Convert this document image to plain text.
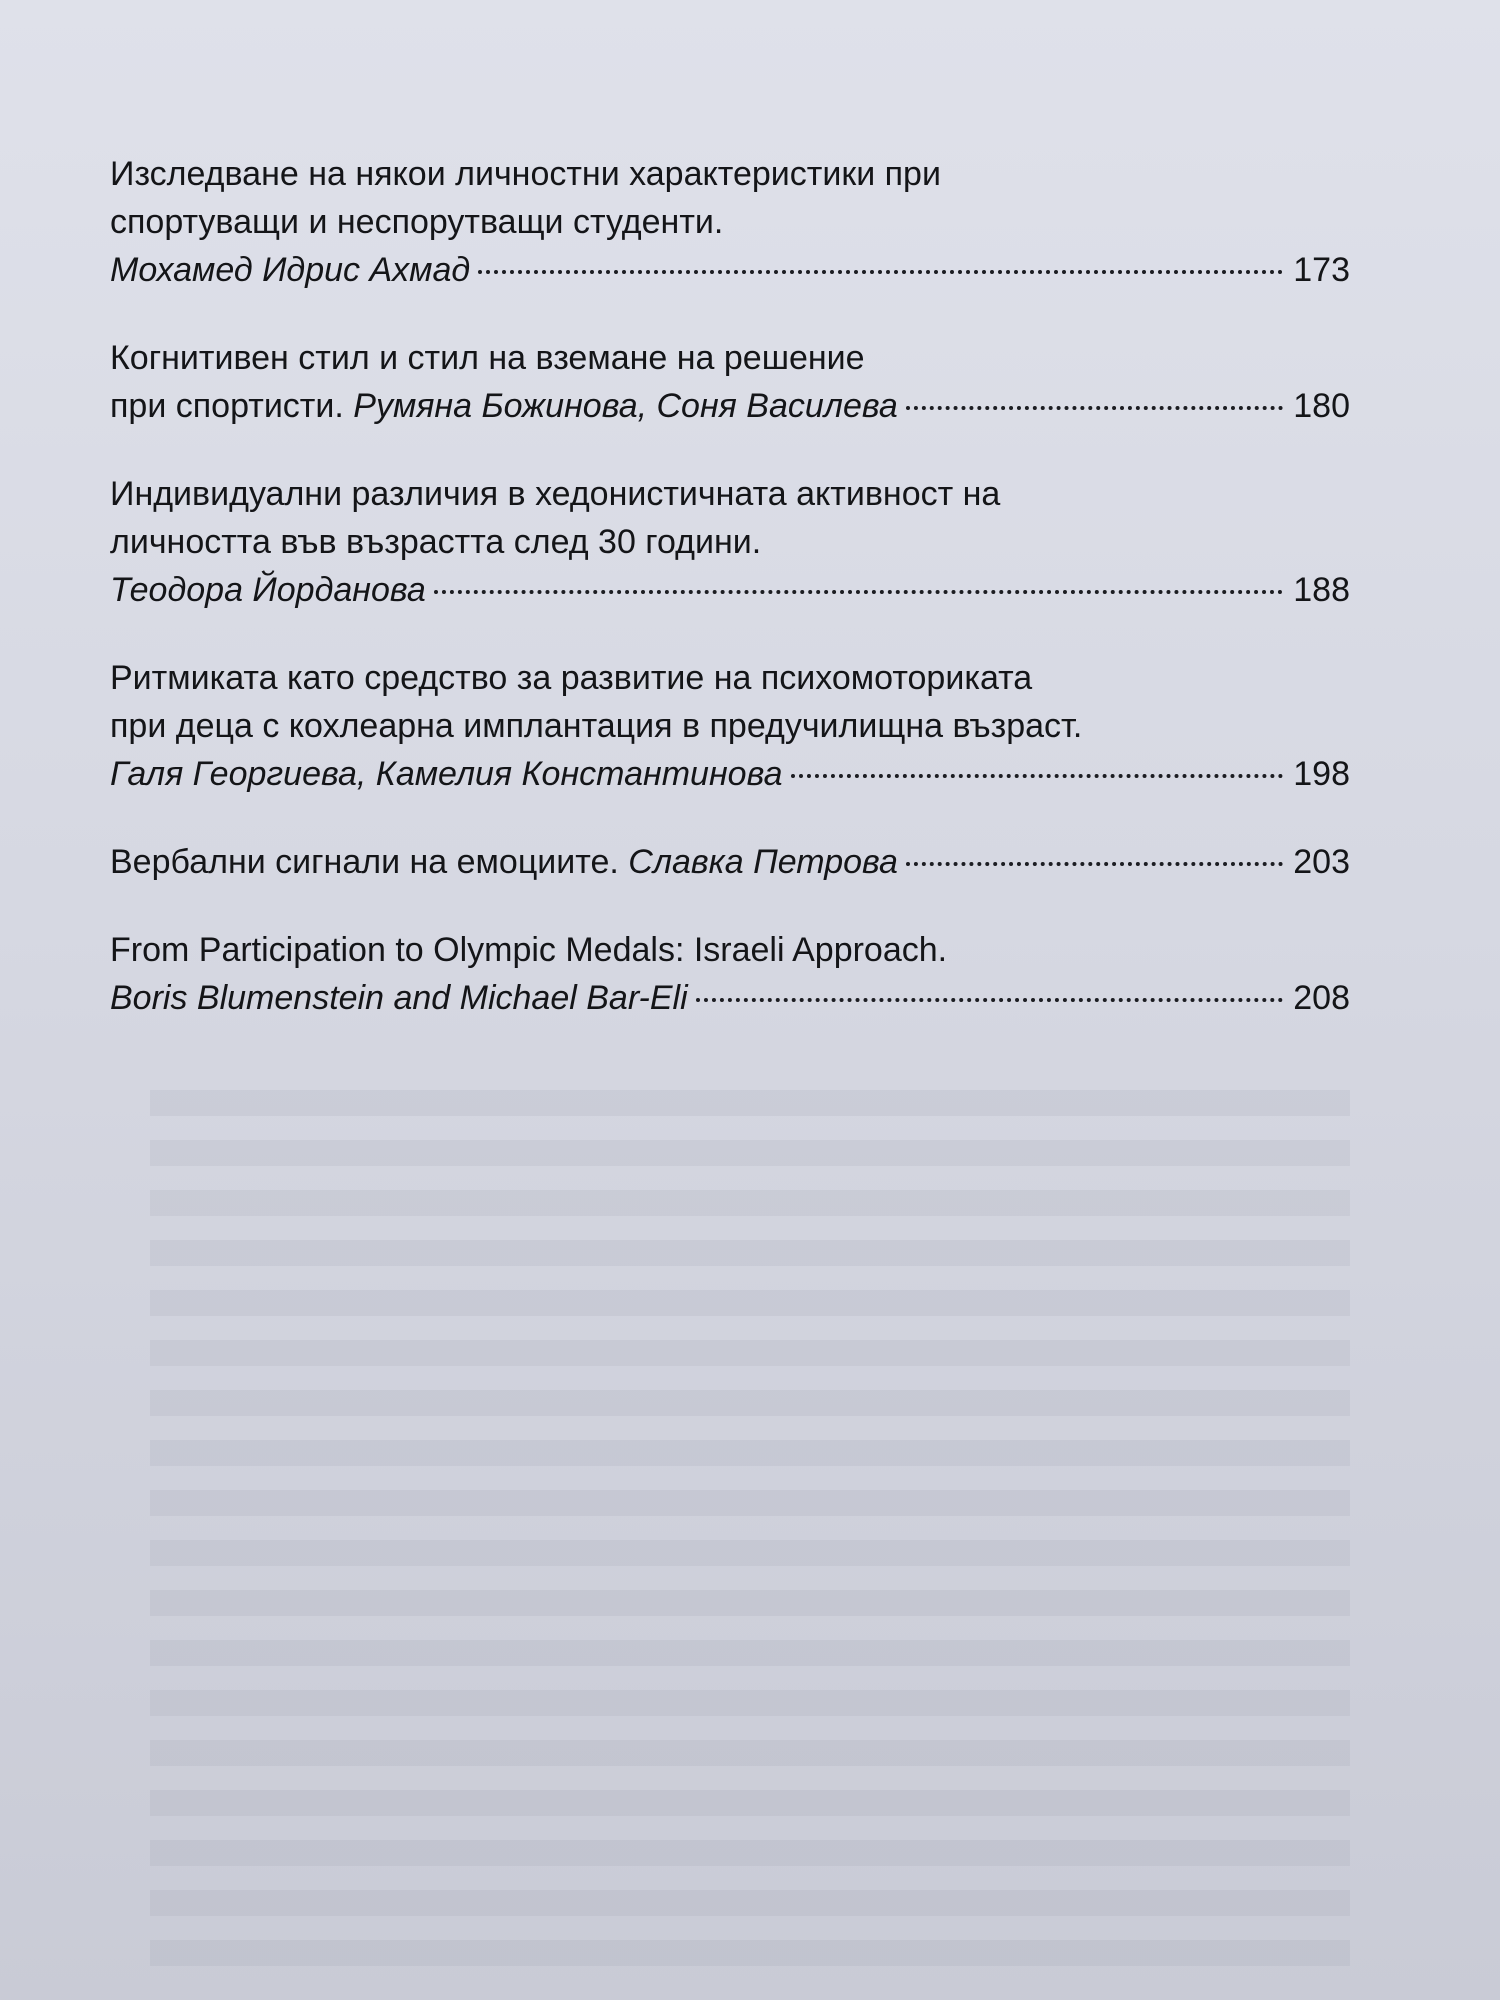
Изследване на някои личностни характеристики при
спортуващи и неспорутващи студенти.
Мохамед Идрис Ахмад	173
Когнитивен стил и стил на вземане на решение
при спортисти. Румяна Божинова, Соня Василева	180
Индивидуални различия в хедонистичната активност на
личността във възрастта след 30 години.
Теодора Йорданова	188
Ритмиката като средство за развитие на психомоториката
при деца с кохлеарна имплантация в предучилищна възраст.
Галя Георгиева, Камелия Константинова	198
Вербални сигнали на емоциите. Славка Петрова	203
From Participation to Olympic Medals: Israeli Approach.
Boris Blumenstein and Michael Bar-Eli	208
